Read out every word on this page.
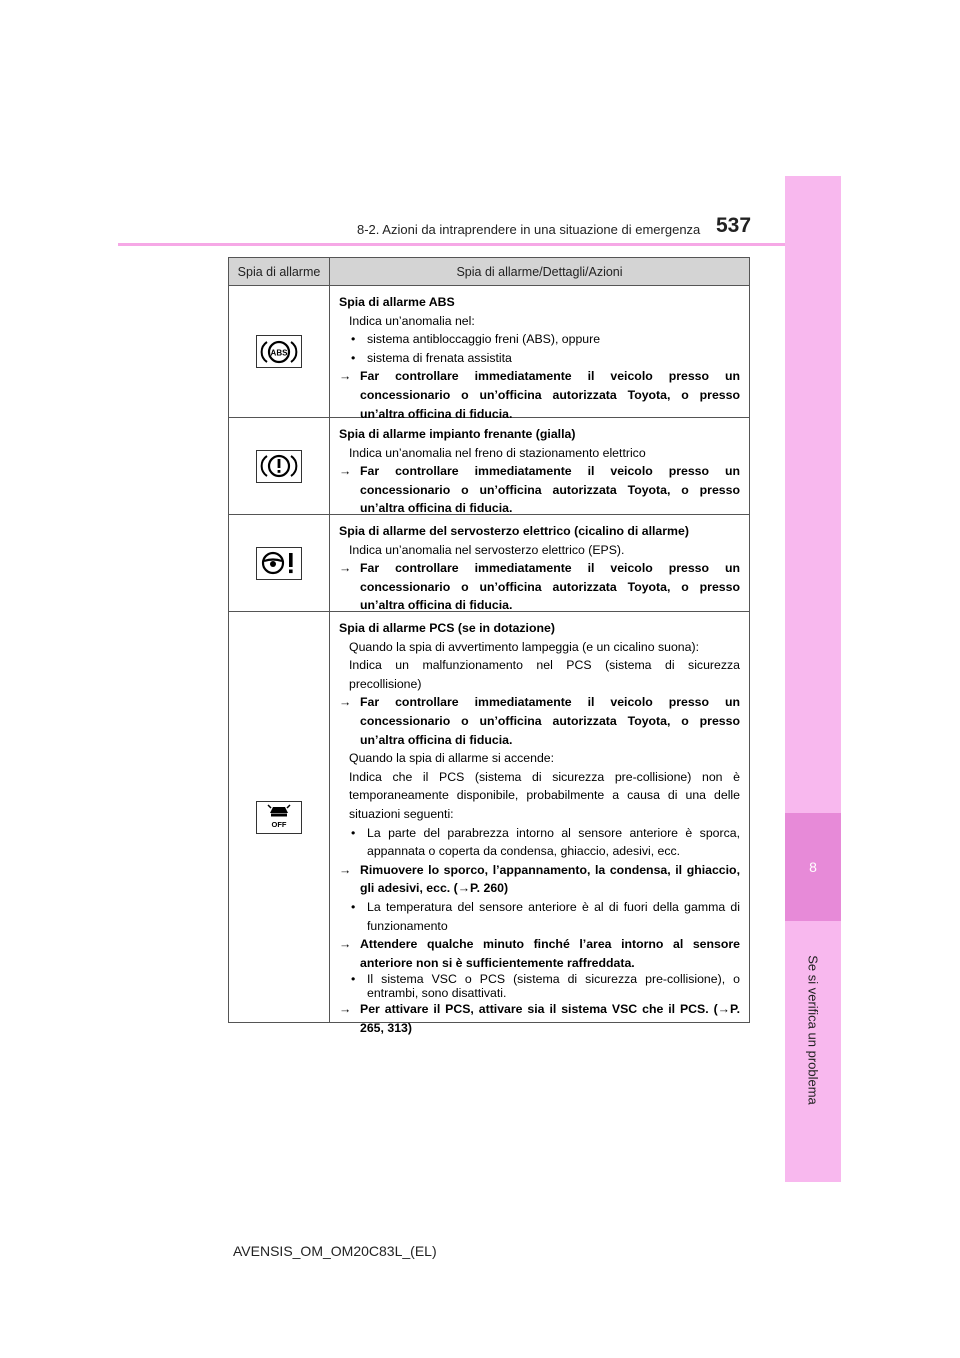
8
Se si verifica un problema
8-2. Azioni da intraprendere in una situazione di emergenza 537
Spia di allarme	Spia di allarme/Dettagli/Azioni
ABS
Spia di allarme ABS
Indica un’anomalia nel:
• sistema antibloccaggio freni (ABS), oppure
• sistema di frenata assistita
→ Far controllare immediatamente il veicolo presso un concessionario o un’officina autorizzata Toyota, o presso un’altra officina di fiducia.
Spia di allarme impianto frenante (gialla)
Indica un’anomalia nel freno di stazionamento elettrico
→ Far controllare immediatamente il veicolo presso un concessionario o un’officina autorizzata Toyota, o presso un’altra officina di fiducia.
Spia di allarme del servosterzo elettrico (cicalino di allarme)
Indica un’anomalia nel servosterzo elettrico (EPS).
→ Far controllare immediatamente il veicolo presso un concessionario o un’officina autorizzata Toyota, o presso un’altra officina di fiducia.
OFF
Spia di allarme PCS (se in dotazione)
Quando la spia di avvertimento lampeggia (e un cicalino suona):
Indica un malfunzionamento nel PCS (sistema di sicurezza precollisione)
→ Far controllare immediatamente il veicolo presso un concessionario o un’officina autorizzata Toyota, o presso un’altra officina di fiducia.
Quando la spia di allarme si accende:
Indica che il PCS (sistema di sicurezza pre-collisione) non è temporaneamente disponibile, probabilmente a causa di una delle situazioni seguenti:
• La parte del parabrezza intorno al sensore anteriore è sporca, appannata o coperta da condensa, ghiaccio, adesivi, ecc.
→ Rimuovere lo sporco, l’appannamento, la condensa, il ghiaccio, gli adesivi, ecc. (→P. 260)
• La temperatura del sensore anteriore è al di fuori della gamma di funzionamento
→ Attendere qualche minuto finché l’area intorno al sensore anteriore non si è sufficientemente raffreddata.
• Il sistema VSC o PCS (sistema di sicurezza pre-collisione), o entrambi, sono disattivati.
→ Per attivare il PCS, attivare sia il sistema VSC che il PCS. (→P. 265, 313)
AVENSIS_OM_OM20C83L_(EL)
